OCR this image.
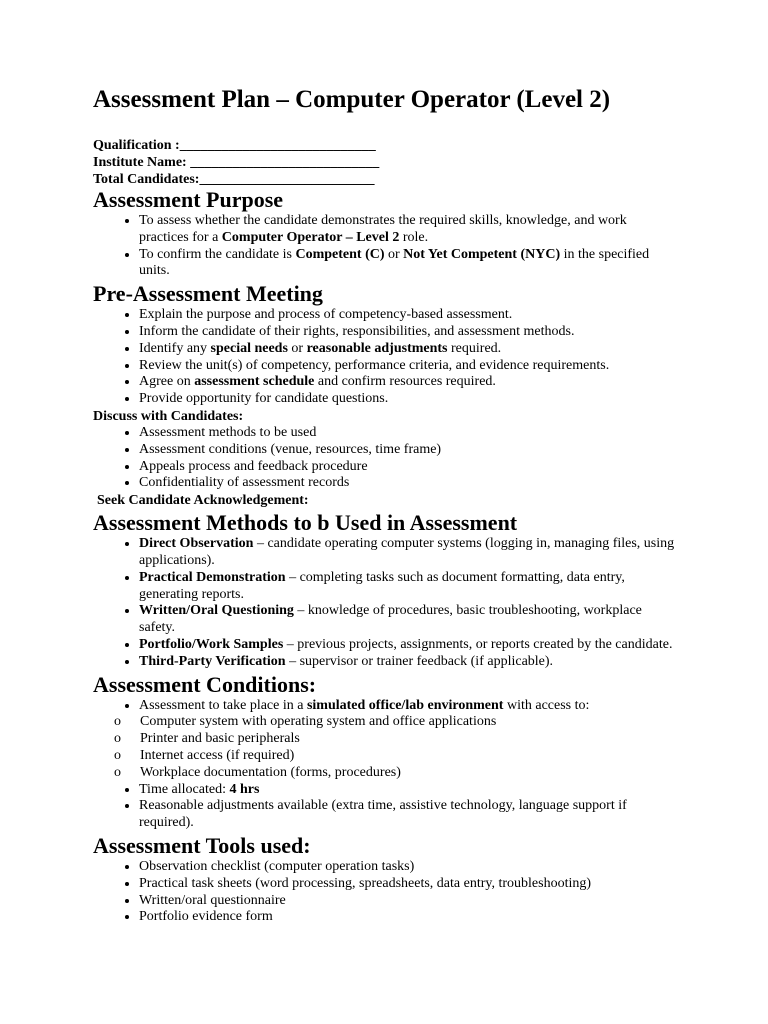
Assessment Plan – Computer Operator (Level 2)
Qualification :____________________________
Institute Name: ___________________________
Total Candidates:_________________________
Assessment Purpose
• To assess whether the candidate demonstrates the required skills, knowledge, and work practices for a Computer Operator – Level 2 role.
• To confirm the candidate is Competent (C) or Not Yet Competent (NYC) in the specified units.
Pre-Assessment Meeting
• Explain the purpose and process of competency-based assessment.
• Inform the candidate of their rights, responsibilities, and assessment methods.
• Identify any special needs or reasonable adjustments required.
• Review the unit(s) of competency, performance criteria, and evidence requirements.
• Agree on assessment schedule and confirm resources required.
• Provide opportunity for candidate questions.
Discuss with Candidates:
• Assessment methods to be used
• Assessment conditions (venue, resources, time frame)
• Appeals process and feedback procedure
• Confidentiality of assessment records
Seek Candidate Acknowledgement:
Assessment Methods to b Used in Assessment
• Direct Observation – candidate operating computer systems (logging in, managing files, using applications).
• Practical Demonstration – completing tasks such as document formatting, data entry, generating reports.
• Written/Oral Questioning – knowledge of procedures, basic troubleshooting, workplace safety.
• Portfolio/Work Samples – previous projects, assignments, or reports created by the candidate.
• Third-Party Verification – supervisor or trainer feedback (if applicable).
Assessment Conditions:
• Assessment to take place in a simulated office/lab environment with access to:
o Computer system with operating system and office applications
o Printer and basic peripherals
o Internet access (if required)
o Workplace documentation (forms, procedures)
• Time allocated: 4 hrs
• Reasonable adjustments available (extra time, assistive technology, language support if required).
Assessment Tools used:
• Observation checklist (computer operation tasks)
• Practical task sheets (word processing, spreadsheets, data entry, troubleshooting)
• Written/oral questionnaire
• Portfolio evidence form
